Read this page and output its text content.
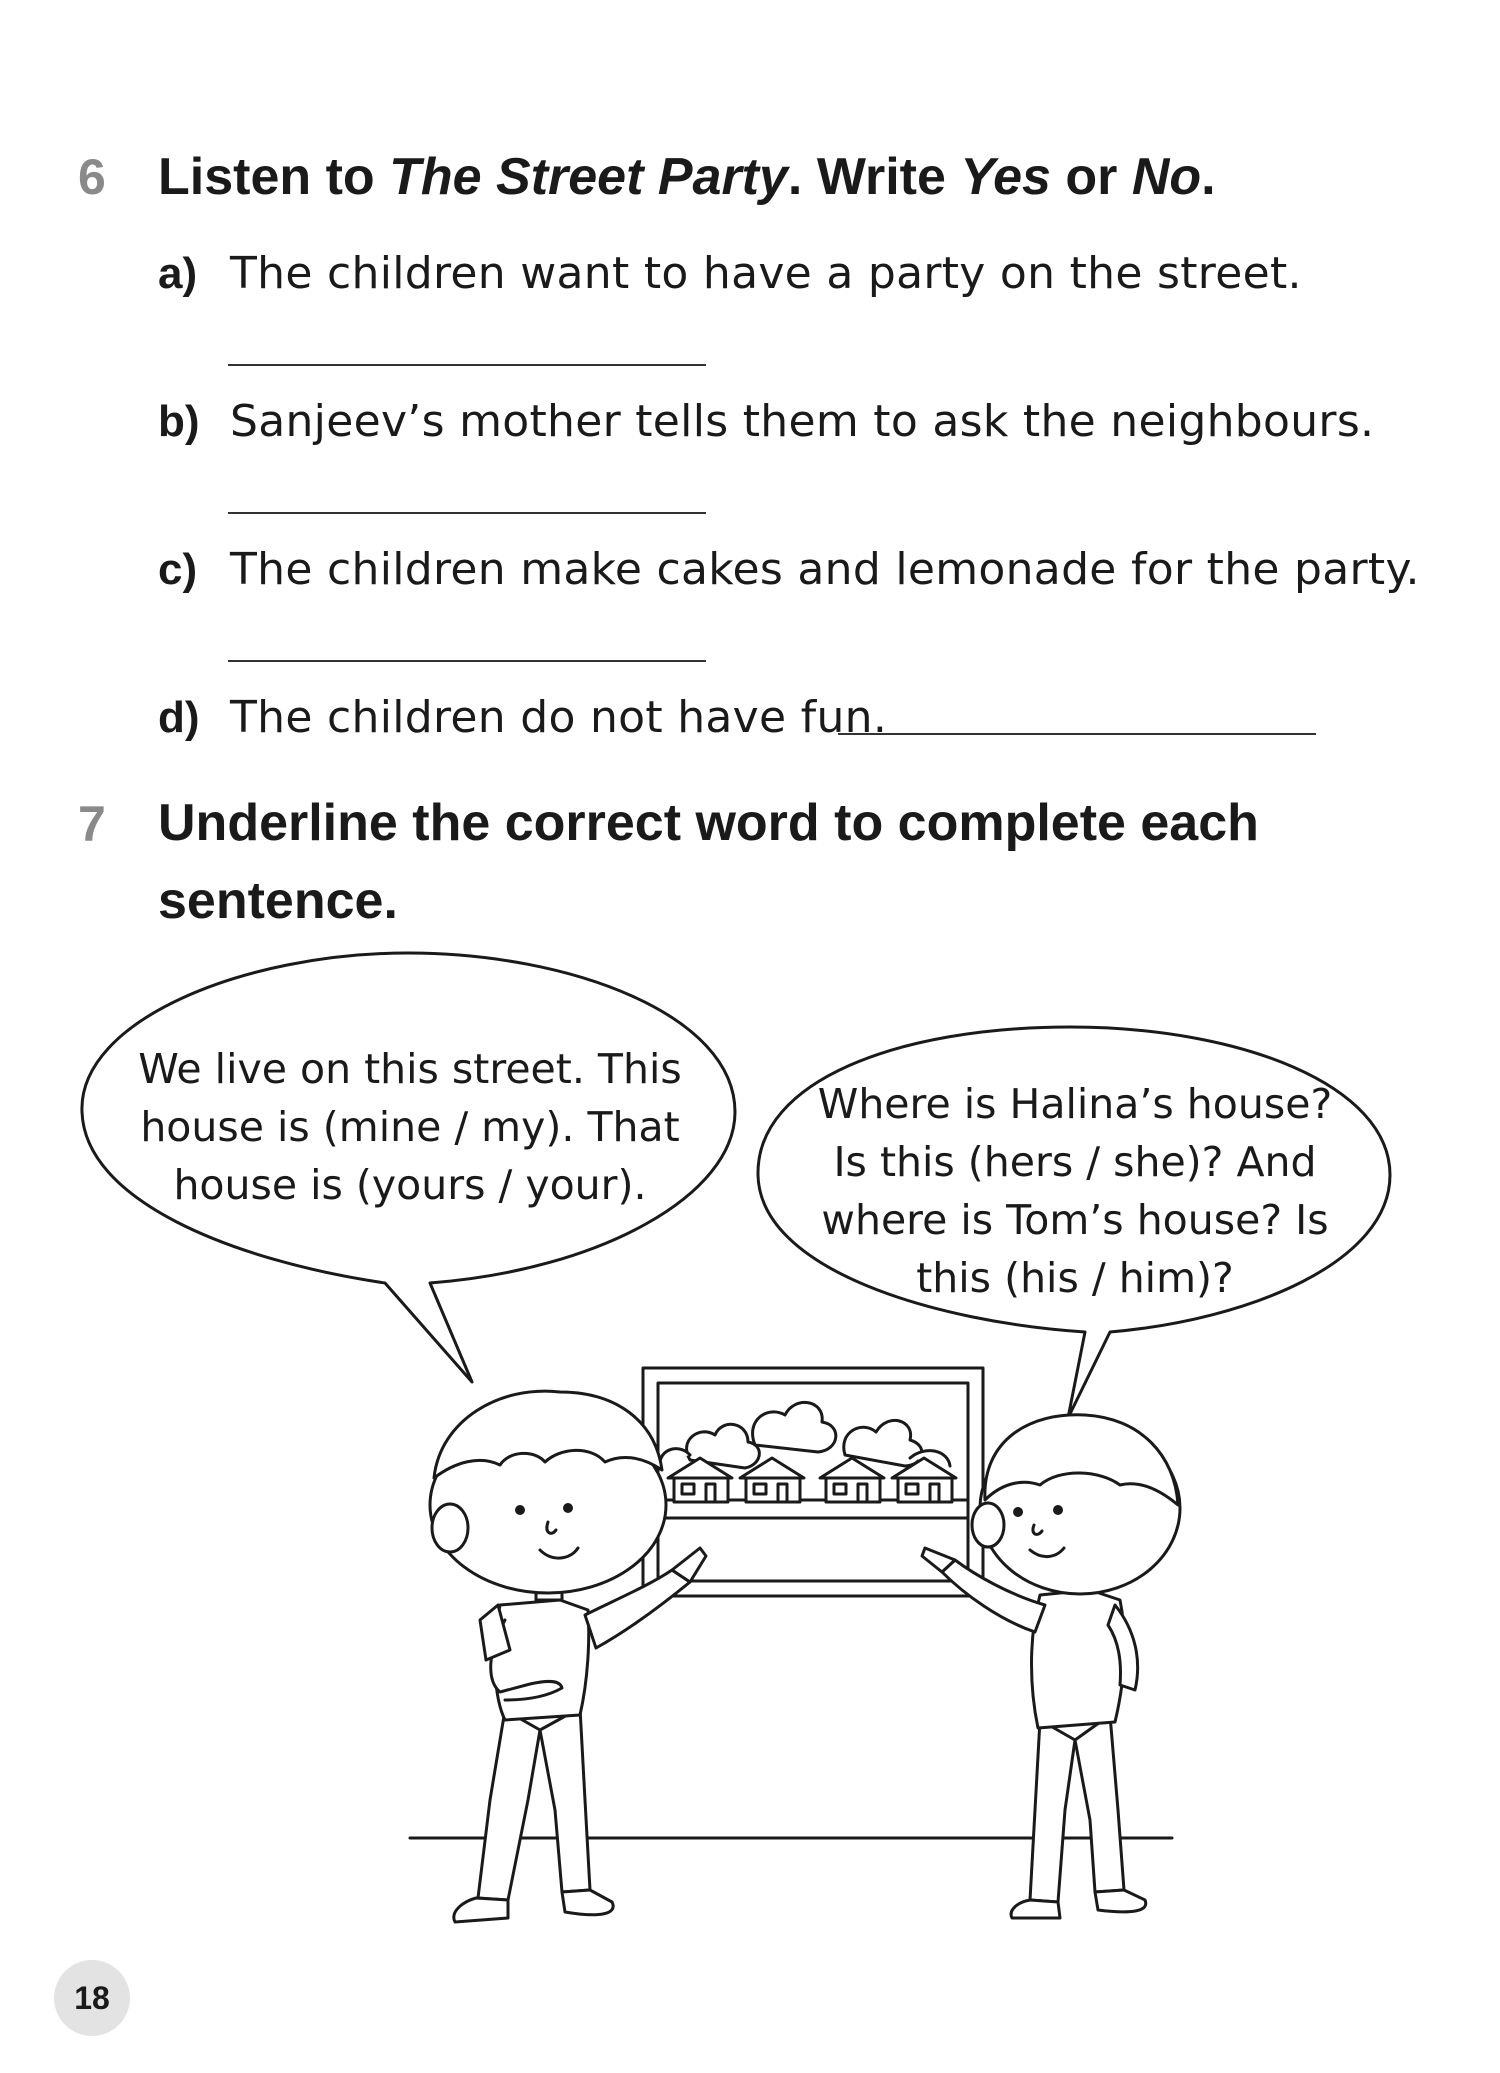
6 Listen to The Street Party. Write Yes or No.
a) The children want to have a party on the street.
b) Sanjeev’s mother tells them to ask the neighbours.
c) The children make cakes and lemonade for the party.
d) The children do not have fun.
7 Underline the correct word to complete each
sentence.
We live on this street. This
house is (mine / my). That
house is (yours / your).
Where is Halina’s house?
Is this (hers / she)? And
where is Tom’s house? Is
this (his / him)?
18
